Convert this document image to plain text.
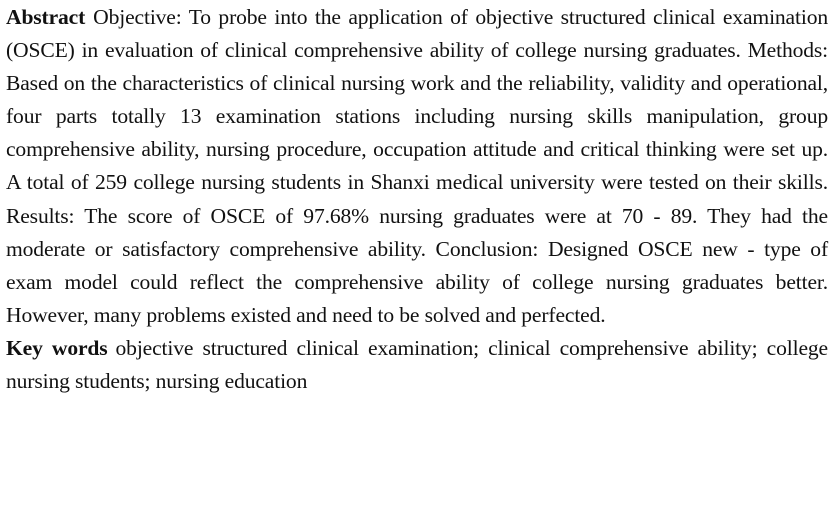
Abstract Objective: To probe into the application of objective structured clinical examination (OSCE) in evaluation of clinical comprehensive ability of college nursing graduates. Methods: Based on the characteristics of clinical nursing work and the reliability, validity and operational, four parts totally 13 examination stations including nursing skills manipulation, group comprehensive ability, nursing procedure, occupation attitude and critical thinking were set up. A total of 259 college nursing students in Shanxi medical university were tested on their skills. Results: The score of OSCE of 97.68% nursing graduates were at 70 - 89. They had the moderate or satisfactory comprehensive ability. Conclusion: Designed OSCE new - type of exam model could reflect the comprehensive ability of college nursing graduates better. However, many problems existed and need to be solved and perfected.

Key words objective structured clinical examination; clinical comprehensive ability; college nursing students; nursing education
